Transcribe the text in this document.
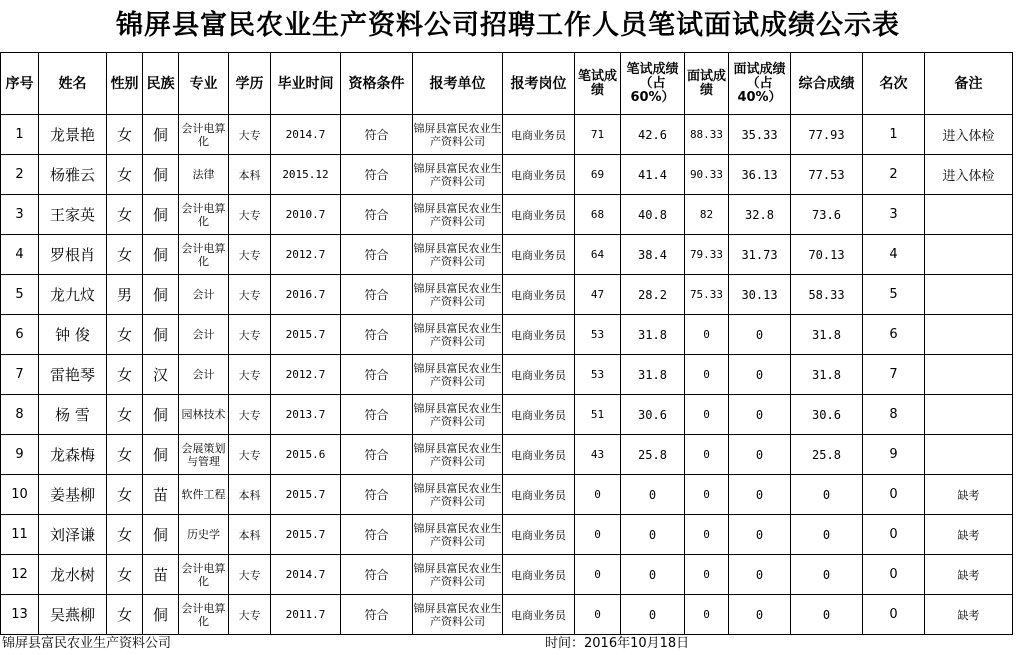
锦屏县富民农业生产资料公司招聘工作人员笔试面试成绩公示表
序号	姓名	性别	民族	专业	学历	毕业时间	资格条件	报考单位	报考岗位	笔试成绩	笔试成绩（占60%）	面试成绩	面试成绩（占40%）	综合成绩	名次	备注
1	龙景艳	女	侗	会计电算化	大专	2014.7	符合	锦屏县富民农业生产资料公司	电商业务员	71	42.6	88.33	35.33	77.93	1	进入体检
2	杨雅云	女	侗	法律	本科	2015.12	符合	锦屏县富民农业生产资料公司	电商业务员	69	41.4	90.33	36.13	77.53	2	进入体检
3	王家英	女	侗	会计电算化	大专	2010.7	符合	锦屏县富民农业生产资料公司	电商业务员	68	40.8	82	32.8	73.6	3	
4	罗根肖	女	侗	会计电算化	大专	2012.7	符合	锦屏县富民农业生产资料公司	电商业务员	64	38.4	79.33	31.73	70.13	4	
5	龙九炆	男	侗	会计	大专	2016.7	符合	锦屏县富民农业生产资料公司	电商业务员	47	28.2	75.33	30.13	58.33	5	
6	钟 俊	女	侗	会计	大专	2015.7	符合	锦屏县富民农业生产资料公司	电商业务员	53	31.8	0	0	31.8	6	
7	雷艳琴	女	汉	会计	大专	2012.7	符合	锦屏县富民农业生产资料公司	电商业务员	53	31.8	0	0	31.8	7	
8	杨 雪	女	侗	园林技术	大专	2013.7	符合	锦屏县富民农业生产资料公司	电商业务员	51	30.6	0	0	30.6	8	
9	龙森梅	女	侗	会展策划与管理	大专	2015.6	符合	锦屏县富民农业生产资料公司	电商业务员	43	25.8	0	0	25.8	9	
10	姜基柳	女	苗	软件工程	本科	2015.7	符合	锦屏县富民农业生产资料公司	电商业务员	0	0	0	0	0	0	缺考
11	刘泽谦	女	侗	历史学	本科	2015.7	符合	锦屏县富民农业生产资料公司	电商业务员	0	0	0	0	0	0	缺考
12	龙水树	女	苗	会计电算化	大专	2014.7	符合	锦屏县富民农业生产资料公司	电商业务员	0	0	0	0	0	0	缺考
13	吴燕柳	女	侗	会计电算化	大专	2011.7	符合	锦屏县富民农业生产资料公司	电商业务员	0	0	0	0	0	0	缺考
锦屏县富民农业生产资料公司	时间：2016年10月18日
